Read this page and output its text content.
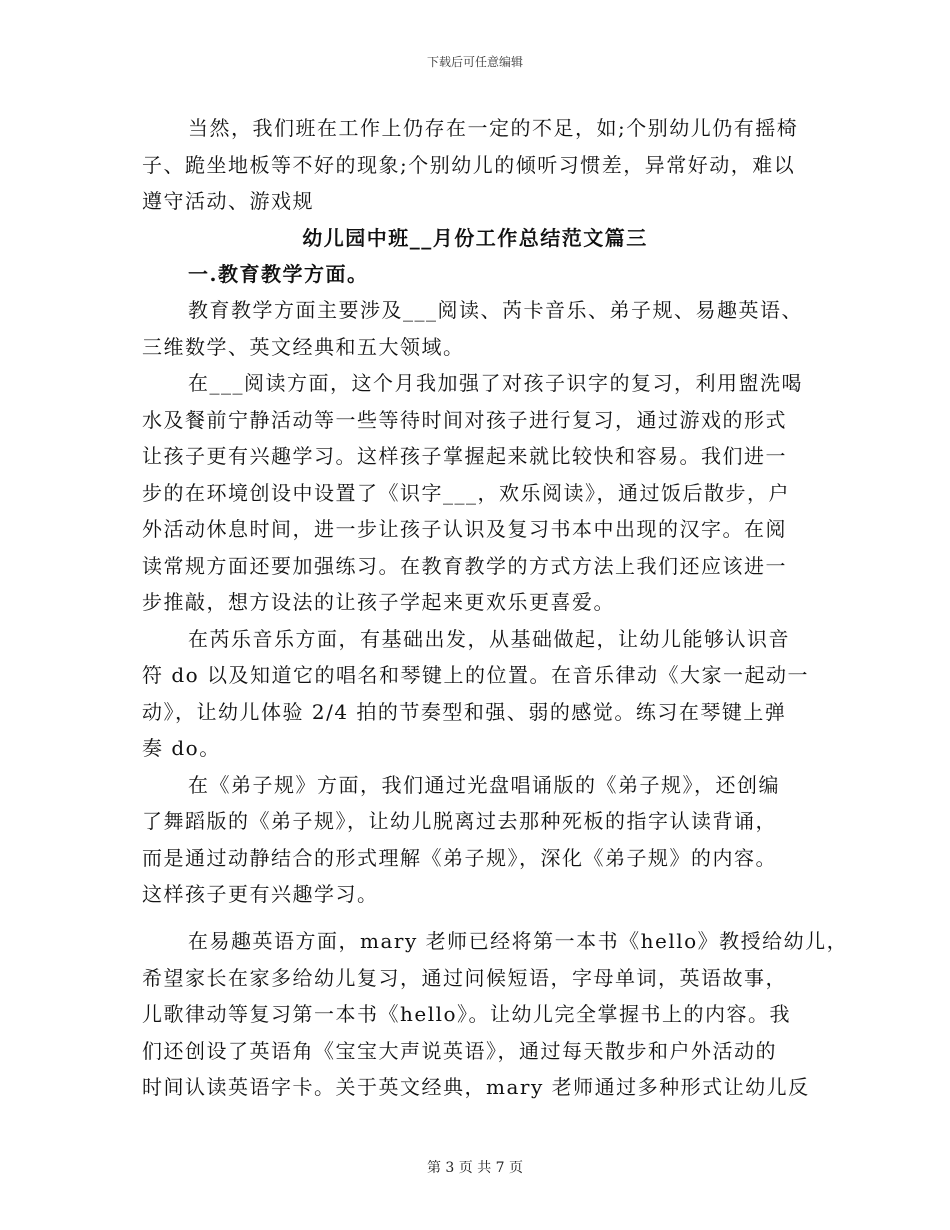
下载后可任意编辑
当然，我们班在工作上仍存在一定的不足，如;个别幼儿仍有摇椅
子、跪坐地板等不好的现象;个别幼儿的倾听习惯差，异常好动，难以
遵守活动、游戏规
幼儿园中班__月份工作总结范文篇三
一.教育教学方面。
教育教学方面主要涉及___阅读、芮卡音乐、弟子规、易趣英语、
三维数学、英文经典和五大领域。
在___阅读方面，这个月我加强了对孩子识字的复习，利用盥洗喝
水及餐前宁静活动等一些等待时间对孩子进行复习，通过游戏的形式
让孩子更有兴趣学习。这样孩子掌握起来就比较快和容易。我们进一
步的在环境创设中设置了《识字___，欢乐阅读》，通过饭后散步，户
外活动休息时间，进一步让孩子认识及复习书本中出现的汉字。在阅
读常规方面还要加强练习。在教育教学的方式方法上我们还应该进一
步推敲，想方设法的让孩子学起来更欢乐更喜爱。
在芮乐音乐方面，有基础出发，从基础做起，让幼儿能够认识音
符 do 以及知道它的唱名和琴键上的位置。在音乐律动《大家一起动一
动》，让幼儿体验 2/4 拍的节奏型和强、弱的感觉。练习在琴键上弹
奏 do。
在《弟子规》方面，我们通过光盘唱诵版的《弟子规》，还创编
了舞蹈版的《弟子规》，让幼儿脱离过去那种死板的指字认读背诵，
而是通过动静结合的形式理解《弟子规》，深化《弟子规》的内容。
这样孩子更有兴趣学习。
在易趣英语方面，mary 老师已经将第一本书《hello》教授给幼儿，
希望家长在家多给幼儿复习，通过问候短语，字母单词，英语故事，
儿歌律动等复习第一本书《hello》。让幼儿完全掌握书上的内容。我
们还创设了英语角《宝宝大声说英语》，通过每天散步和户外活动的
时间认读英语字卡。关于英文经典，mary 老师通过多种形式让幼儿反
第 3 页 共 7 页
